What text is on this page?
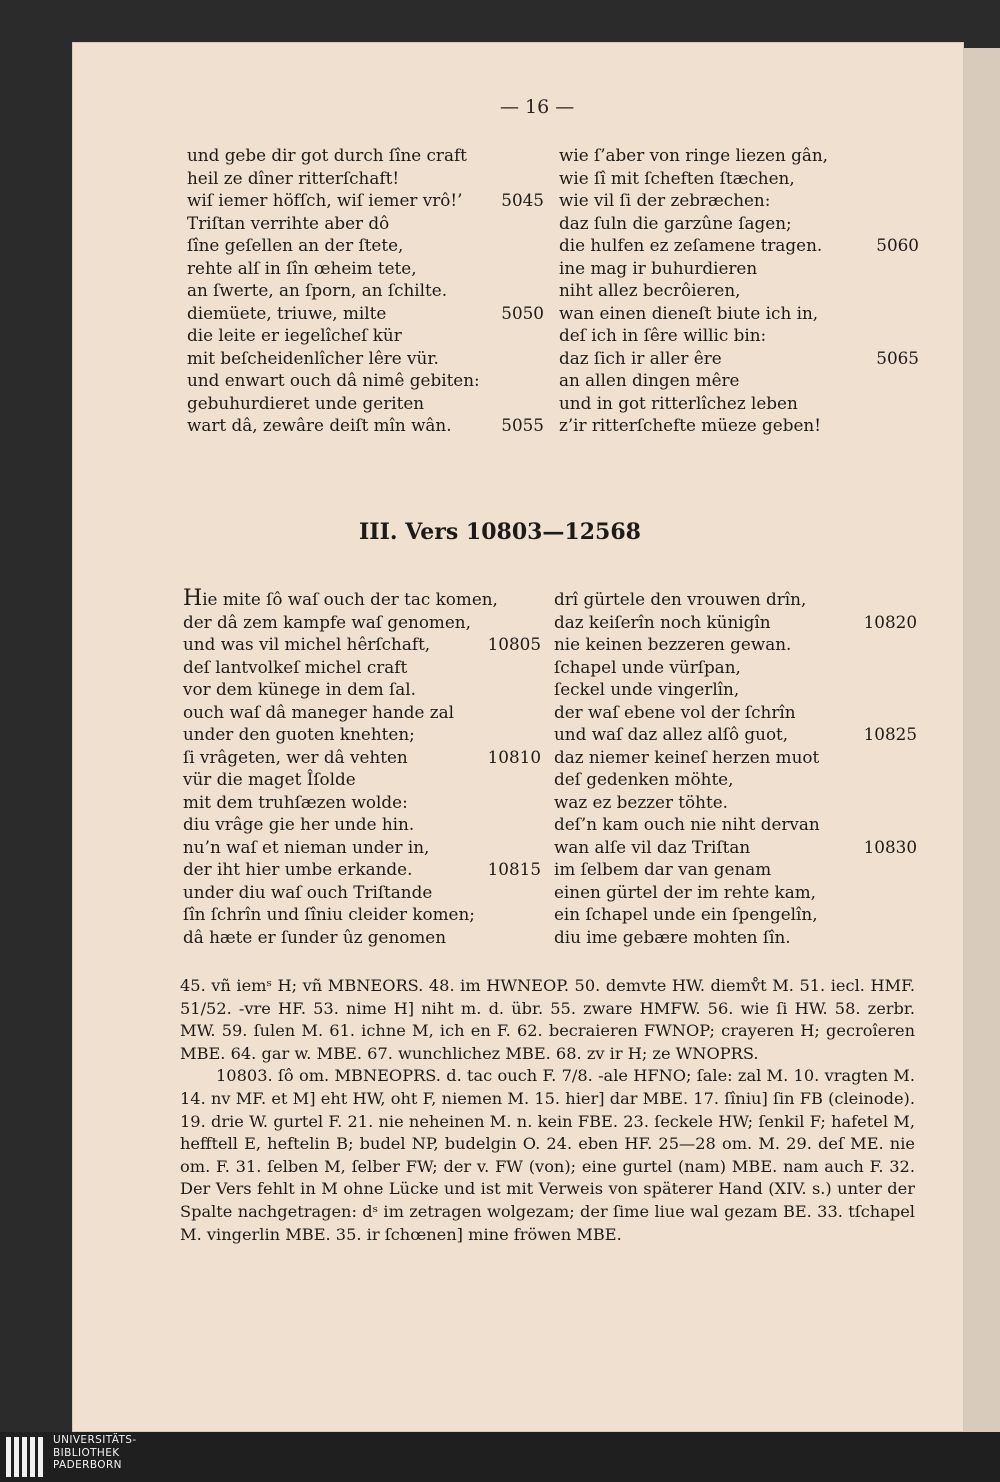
— 16 —
und gebe dir got durch ſîne craft
heil ze dîner ritterſchaft!
wiſ iemer höfſch, wiſ iemer vrô!’ 5045
Triſtan verrihte aber dô
ſîne geſellen an der ſtete,
rehte alſ in ſîn œheim tete,
an ſwerte, an ſporn, an ſchilte.
diemüete, triuwe, milte	5050
die leite er iegelîcheſ kür
mit beſcheidenlîcher lêre vür.
und enwart ouch dâ nimê gebiten:
gebuhurdieret unde geriten
wart dâ, zewâre deiſt mîn wân.	5055
wie ſ’aber von ringe liezen gân,
wie ſî mit ſcheften ſtæchen,
wie vil ſi der zebræchen:
daz ſuln die garzûne ſagen;
die hulfen ez zeſamene tragen.	5060
ine mag ir buhurdieren
niht allez becrôieren,
wan einen dieneſt biute ich in,
deſ ich in ſêre willic bin:
daz ſich ir aller êre	5065
an allen dingen mêre
und in got ritterlîchez leben
z’ir ritterſchefte müeze geben!
III. Vers 10803—12568
Hie mite ſô waſ ouch der tac komen,
der dâ zem kampfe waſ genomen,
und was vil michel hêrſchaft,	10805
deſ lantvolkeſ michel craft
vor dem künege in dem ſal.
ouch waſ dâ maneger hande zal
under den guoten knehten;
ſi vrâgeten, wer dâ vehten	10810
vür die maget Îſolde
mit dem truhſæzen wolde:
diu vrâge gie her unde hin.
nu’n waſ et nieman under in,
der iht hier umbe erkande.	10815
under diu waſ ouch Triſtande
ſîn ſchrîn und ſîniu cleider komen;
dâ hæte er ſunder ûz genomen
drî gürtele den vrouwen drîn,
daz keiſerîn noch künigîn	10820
nie keinen bezzeren gewan.
ſchapel unde vürſpan,
ſeckel unde vingerlîn,
der waſ ebene vol der ſchrîn
und waſ daz allez alſô guot,	10825
daz niemer keineſ herzen muot
deſ gedenken möhte,
waz ez bezzer töhte.
deſ’n kam ouch nie niht dervan
wan alſe vil daz Triſtan	10830
im ſelbem dar van genam
einen gürtel der im rehte kam,
ein ſchapel unde ein ſpengelîn,
diu ime gebære mohten ſîn.

45. vñ iemˢ H; vñ MBNEORS. 48. im HWNEOP. 50. demvte HW. diemv̊t M. 51. iecl. HMF. 51/52. -vre HF. 53. nime H] niht m. d. übr. 55. zware HMFW. 56. wie ſi HW. 58. zerbr. MW. 59. ſulen M. 61. ichne M, ich en F. 62. becraieren FWNOP; crayeren H; gecroîeren MBE. 64. gar w. MBE. 67. wunchlichez MBE. 68. zv ir H; ze WNOPRS.

10803. ſô om. MBNEOPRS. d. tac ouch F. 7/8. -ale HFNO; ſale: zal M. 10. vragten M. 14. nv MF. et M] eht HW, oht F, niemen M. 15. hier] dar MBE. 17. ſîniu] ſin FB (cleinode). 19. drie W. gurtel F. 21. nie neheinen M. n. kein FBE. 23. ſeckele HW; ſenkil F; hafetel M, hefftell E, heftelin B; budel NP, budelgin O. 24. eben HF. 25—28 om. M. 29. deſ ME. nie om. F. 31. ſelben M, ſelber FW; der v. FW (von); eine gurtel (nam) MBE. nam auch F. 32. Der Vers fehlt in M ohne Lücke und ist mit Verweis von späterer Hand (XIV. s.) unter der Spalte nachgetragen: dˢ im zetragen wolgezam; der ſime liue wal gezam BE. 33. tſchapel M. vingerlin MBE. 35. ir ſchœnen] mine fröwen MBE.

UNIVERSITÄTS-
BIBLIOTHEK
PADERBORN
